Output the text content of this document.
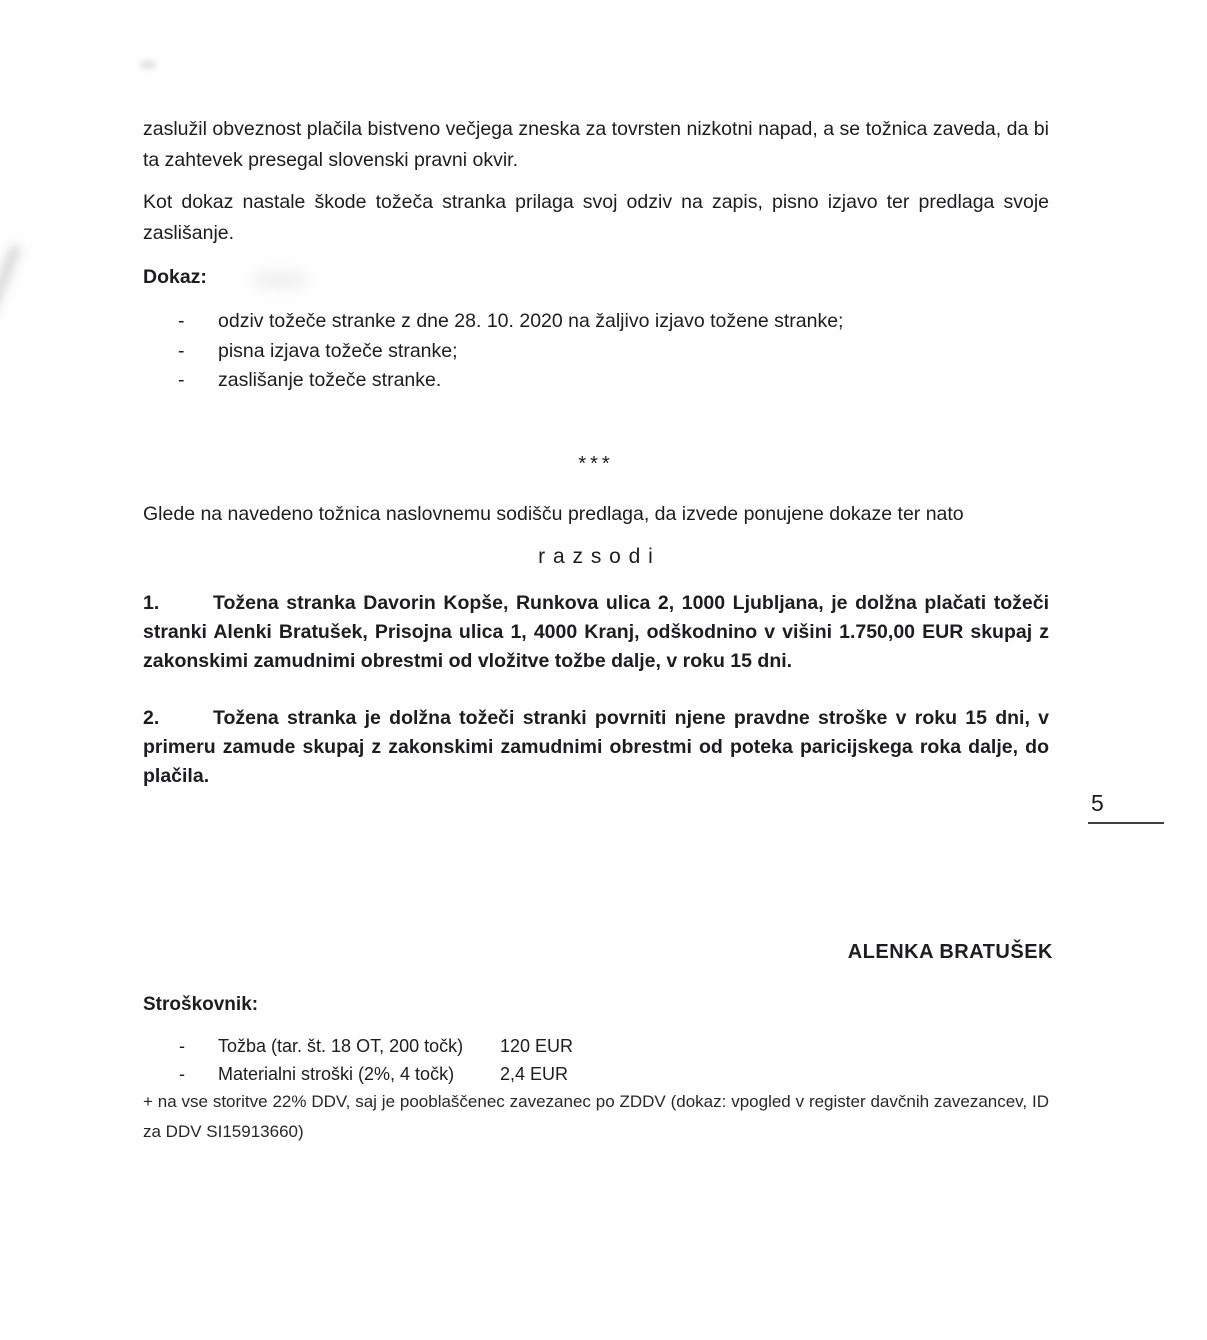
zaslužil obveznost plačila bistveno večjega zneska za tovrsten nizkotni napad, a se tožnica zaveda, da bi ta zahtevek presegal slovenski pravni okvir.
Kot dokaz nastale škode tožeča stranka prilaga svoj odziv na zapis, pisno izjavo ter predlaga svoje zaslišanje.
Dokaz:
- odziv tožeče stranke z dne 28. 10. 2020 na žaljivo izjavo tožene stranke;
- pisna izjava tožeče stranke;
- zaslišanje tožeče stranke.
***
Glede na navedeno tožnica naslovnemu sodišču predlaga, da izvede ponujene dokaze ter nato
r a z s o d i
1.	Tožena stranka Davorin Kopše, Runkova ulica 2, 1000 Ljubljana, je dolžna plačati tožeči stranki Alenki Bratušek, Prisojna ulica 1, 4000 Kranj, odškodnino v višini 1.750,00 EUR skupaj z zakonskimi zamudnimi obrestmi od vložitve tožbe dalje, v roku 15 dni.
2.	Tožena stranka je dolžna tožeči stranki povrniti njene pravdne stroške v roku 15 dni, v primeru zamude skupaj z zakonskimi zamudnimi obrestmi od poteka paricijskega roka dalje, do plačila.
5
ALENKA BRATUŠEK
Stroškovnik:
- Tožba (tar. št. 18 OT, 200 točk) 120 EUR
- Materialni stroški (2%, 4 točk)	2,4 EUR
+ na vse storitve 22% DDV, saj je pooblaščenec zavezanec po ZDDV (dokaz: vpogled v register davčnih zavezancev, ID za DDV SI15913660)
